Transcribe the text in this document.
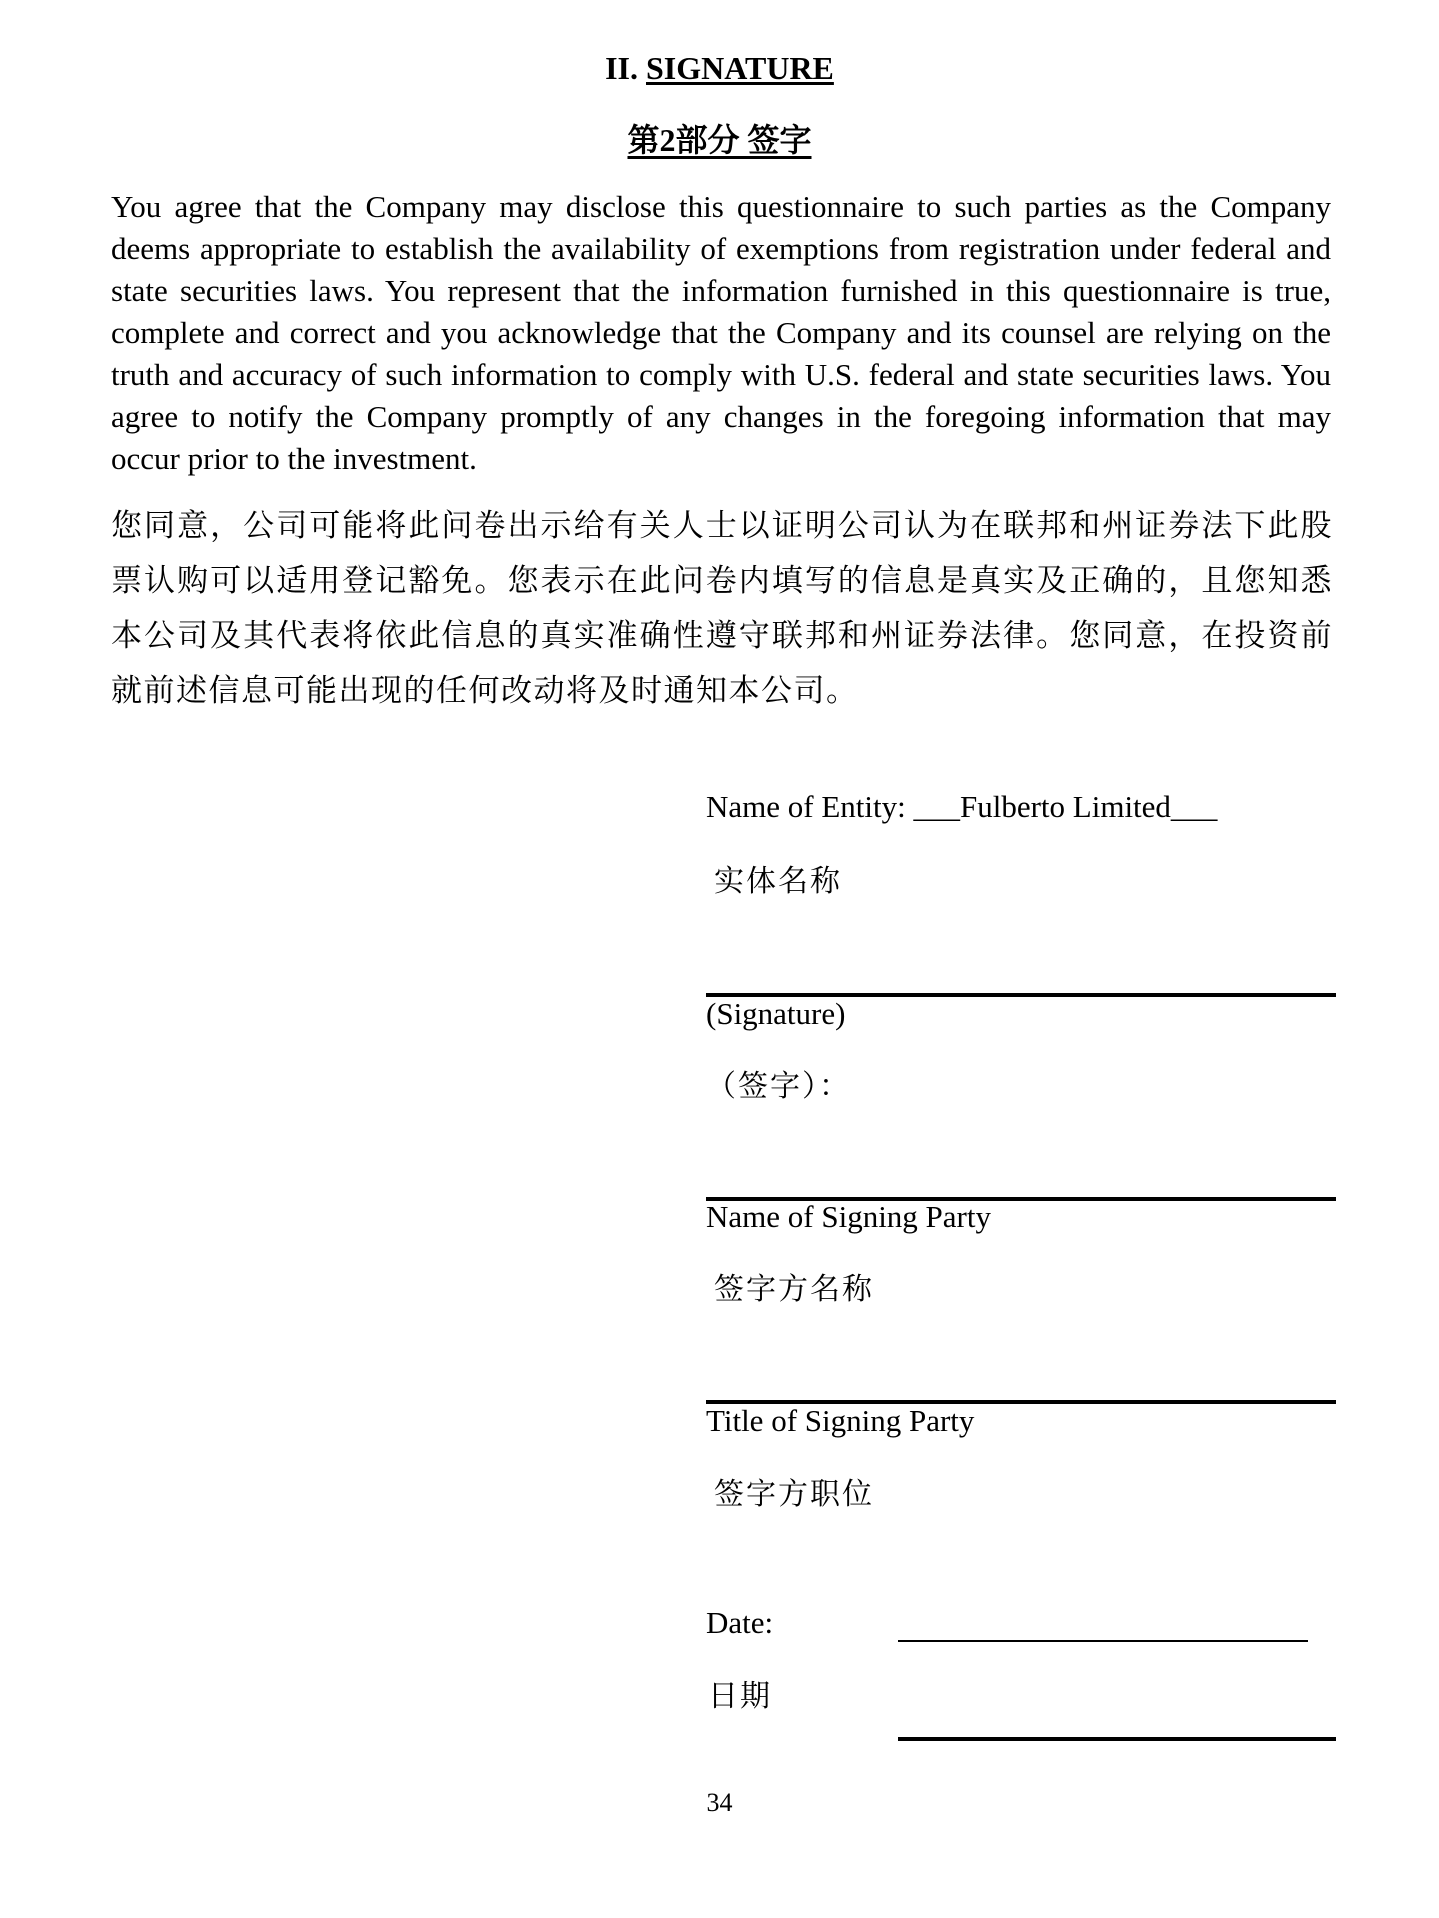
II. SIGNATURE
第2部分 签字

You agree that the Company may disclose this questionnaire to such parties as the Company deems appropriate to establish the availability of exemptions from registration under federal and state securities laws. You represent that the information furnished in this questionnaire is true, complete and correct and you acknowledge that the Company and its counsel are relying on the truth and accuracy of such information to comply with U.S. federal and state securities laws. You agree to notify the Company promptly of any changes in the foregoing information that may occur prior to the investment.

您同意，公司可能将此问卷出示给有关人士以证明公司认为在联邦和州证券法下此股票认购可以适用登记豁免。您表示在此问卷内填写的信息是真实及正确的，且您知悉本公司及其代表将依此信息的真实准确性遵守联邦和州证券法律。您同意，在投资前就前述信息可能出现的任何改动将及时通知本公司。

Name of Entity: ___Fulberto Limited___
实体名称
(Signature)
（签字）：
Name of Signing Party
签字方名称
Title of Signing Party
签字方职位
Date:
日期
34
